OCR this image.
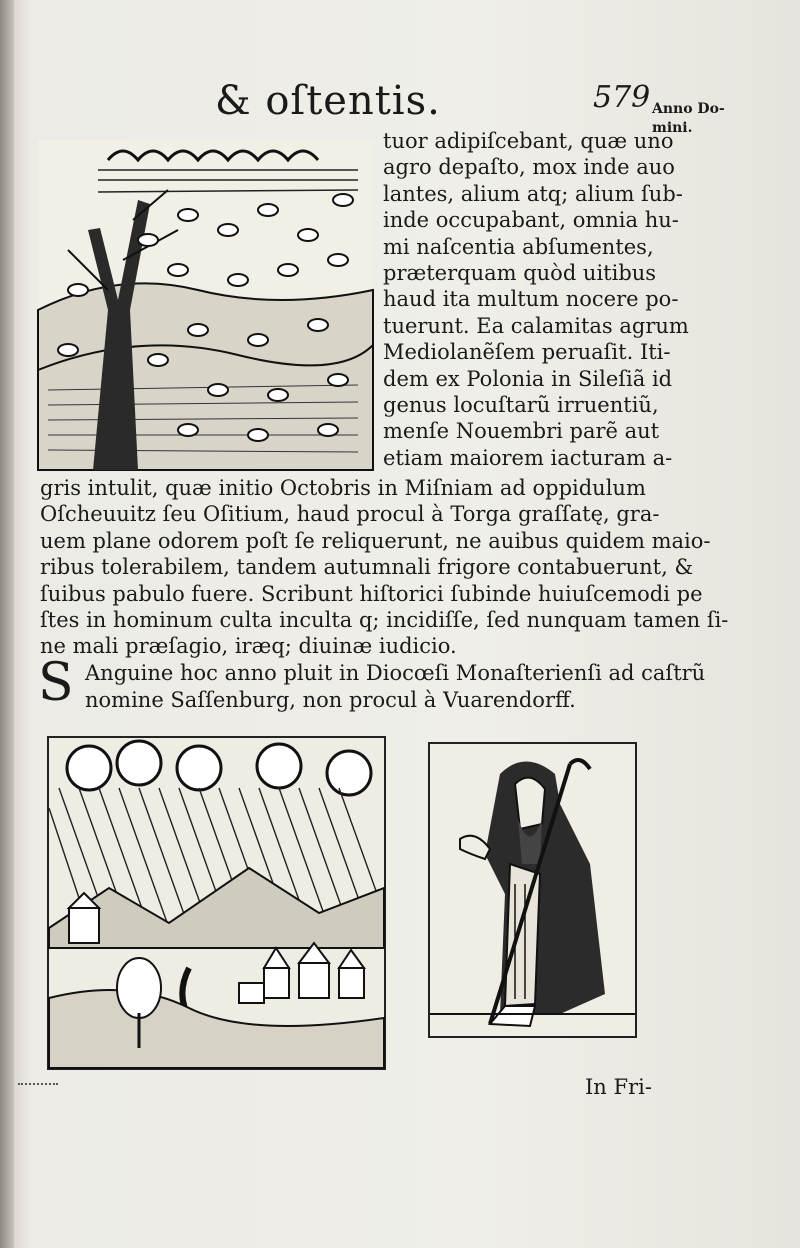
& oſtentis.	579 Anno Do-
mini.
tuor adipiſcebant, quæ uno
agro depaſto, mox inde auo
lantes, alium atq; alium ſub-
inde occupabant, omnia hu-
mi naſcentia abſumentes,
præterquam quòd uitibus
haud ita multum nocere po-
tuerunt. Ea calamitas agrum
Mediolanẽſem peruaſit. Iti-
dem ex Polonia in Sileſiã id
genus locuſtarũ irruentiũ,
menſe Nouembri parẽ aut
etiam maiorem iacturam a-
gris intulit, quæ initio Octobris in Miſniam ad oppidulum
Oſcheuuitz ſeu Oſitium, haud procul à Torga graſſatę, gra-
uem plane odorem poſt ſe reliquerunt, ne auibus quidem maio-
ribus tolerabilem, tandem autumnali frigore contabuerunt, &
ſuibus pabulo fuere. Scribunt hiſtorici ſubinde huiuſcemodi pe
ſtes in hominum culta inculta q; incidiſſe, ſed nunquam tamen ſi-
ne mali præſagio, iræq; diuinæ iudicio.
S Anguine hoc anno pluit in Diocœſi Monaſterienſi ad caſtrũ
nomine Saſſenburg, non procul à Vuarendorff.
In Fri-
